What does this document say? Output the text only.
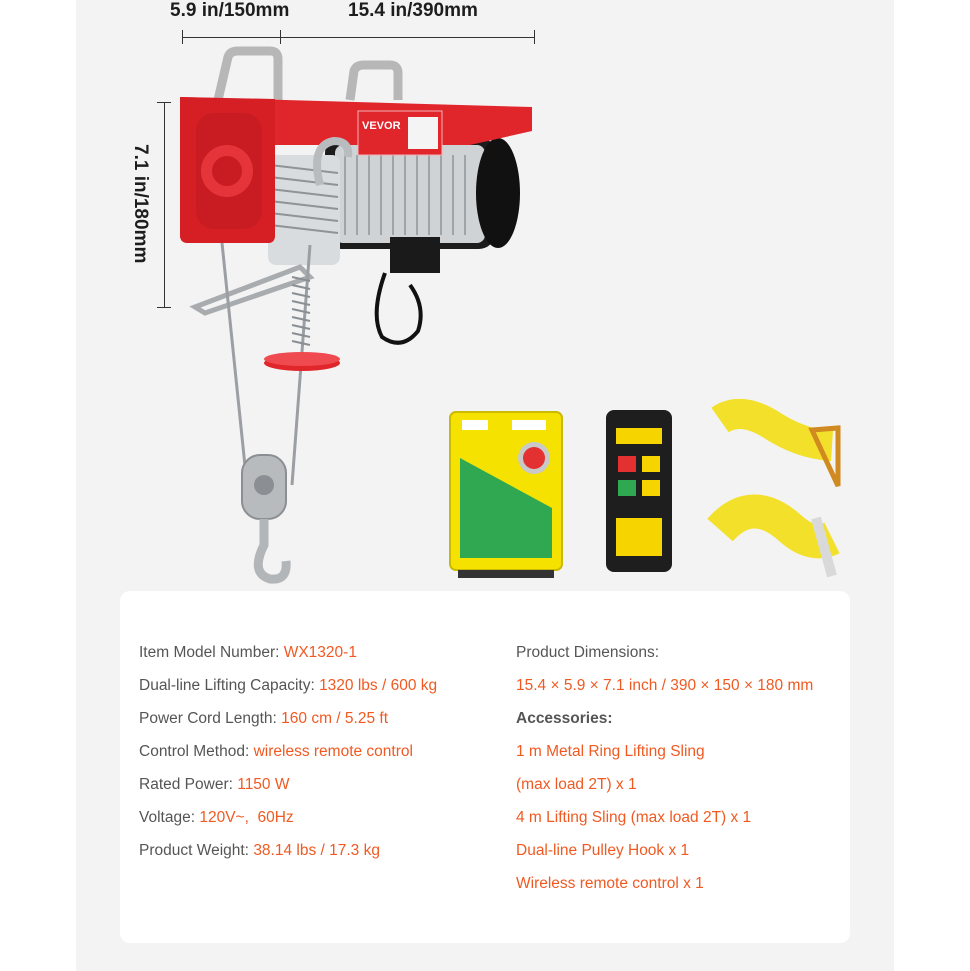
5.9 in/150mm	15.4 in/390mm
7.1 in/180mm
VEVOR
Item Model Number: WX1320-1
Dual-line Lifting Capacity: 1320 lbs / 600 kg
Power Cord Length: 160 cm / 5.25 ft
Control Method: wireless remote control
Rated Power: 1150 W
Voltage: 120V~,  60Hz
Product Weight: 38.14 lbs / 17.3 kg
Product Dimensions:
15.4 × 5.9 × 7.1 inch / 390 × 150 × 180 mm
Accessories:
1 m Metal Ring Lifting Sling
(max load 2T) x 1
4 m Lifting Sling (max load 2T) x 1
Dual-line Pulley Hook x 1
Wireless remote control x 1
